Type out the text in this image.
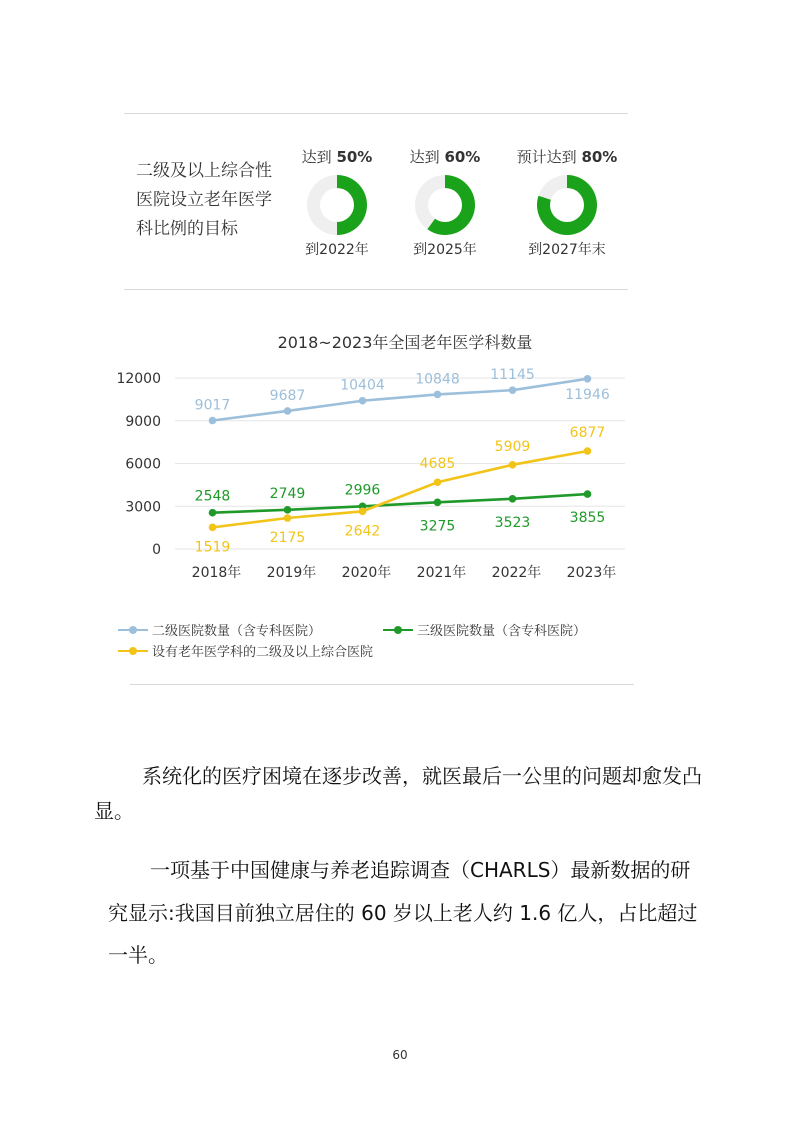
二级及以上综合性
医院设立老年医学
科比例的目标
达到 50%
到2022年
达到 60%
到2025年
预计达到 80%
到2027年末
2018~2023年全国老年医学科数量
0
3000
6000
9000
12000
2018年 2019年 2020年 2021年 2022年 2023年
9017
9687
10404 10848 11145
11946
2548	2749	2996
3275	3523	3855
1519
2175	2642
4685
5909
6877
二级医院数量（含专科医院）	三级医院数量（含专科医院）
设有老年医学科的二级及以上综合医院
系统化的医疗困境在逐步改善，就医最后一公里的问题却愈发凸
显。
一项基于中国健康与养老追踪调查（CHARLS）最新数据的研
究显示:我国目前独立居住的 60 岁以上老人约 1.6 亿人，占比超过
一半。
60
